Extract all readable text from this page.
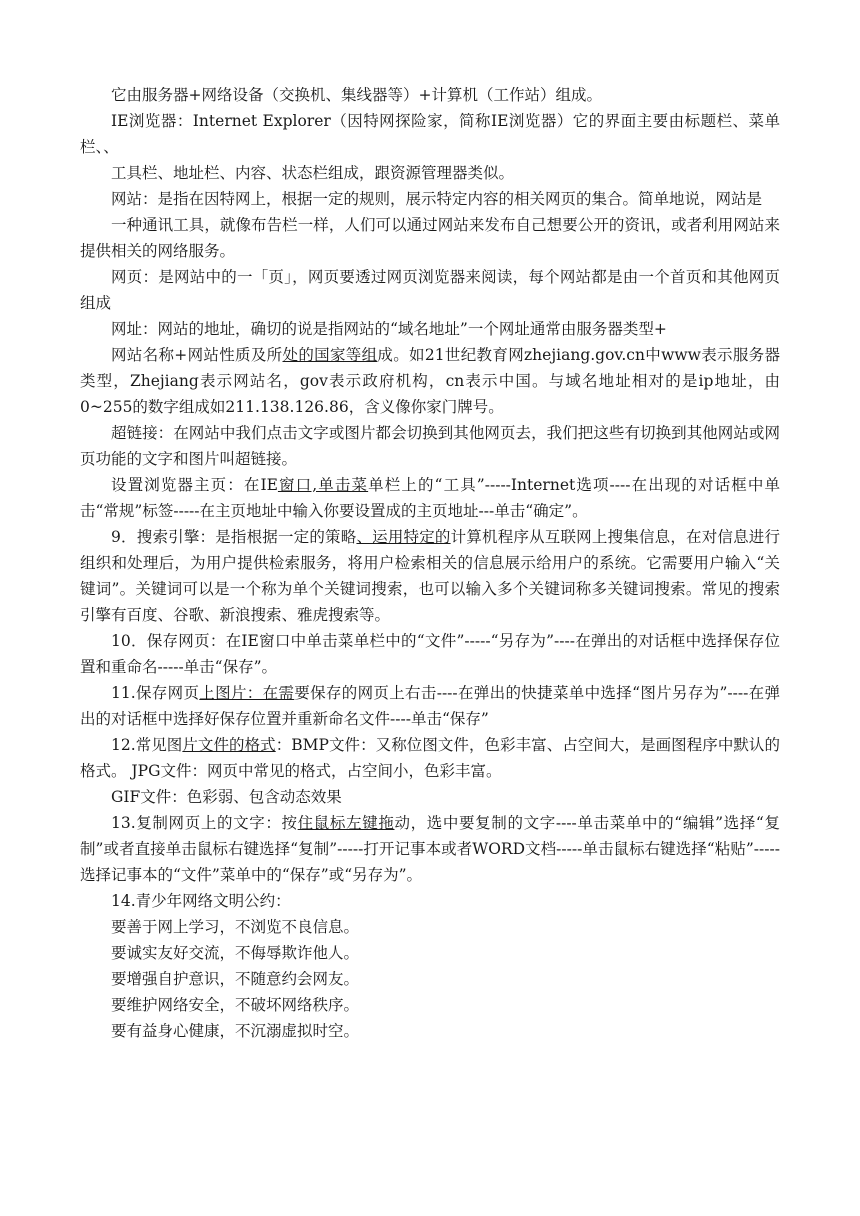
它由服务器+网络设备（交换机、集线器等）+计算机（工作站）组成。

IE浏览器：Internet Explorer（因特网探险家，简称IE浏览器）它的界面主要由标题栏、菜单栏、、

工具栏、地址栏、内容、状态栏组成，跟资源管理器类似。

网站：是指在因特网上，根据一定的规则，展示特定内容的相关网页的集合。简单地说，网站是

一种通讯工具，就像布告栏一样，人们可以通过网站来发布自己想要公开的资讯，或者利用网站来提供相关的网络服务。

网页：是网站中的一「页」，网页要透过网页浏览器来阅读，每个网站都是由一个首页和其他网页组成

网址：网站的地址，确切的说是指网站的“域名地址”一个网址通常由服务器类型+

网站名称+网站性质及所处的国家等组成。如21世纪教育网zhejiang.gov.cn中www表示服务器类型，Zhejiang表示网站名，gov表示政府机构，cn表示中国。与域名地址相对的是ip地址，由0~255的数字组成如211.138.126.86，含义像你家门牌号。

超链接：在网站中我们点击文字或图片都会切换到其他网页去，我们把这些有切换到其他网站或网页功能的文字和图片叫超链接。

设置浏览器主页：在IE窗口,单击菜单栏上的“工具”-----Internet选项----在出现的对话框中单击“常规”标签-----在主页地址中输入你要设置成的主页地址---单击“确定”。

9．搜索引擎：是指根据一定的策略、运用特定的计算机程序从互联网上搜集信息，在对信息进行组织和处理后，为用户提供检索服务，将用户检索相关的信息展示给用户的系统。它需要用户输入“关键词”。关键词可以是一个称为单个关键词搜索，也可以输入多个关键词称多关键词搜索。常见的搜索引擎有百度、谷歌、新浪搜索、雅虎搜索等。

10．保存网页：在IE窗口中单击菜单栏中的“文件”-----“另存为”----在弹出的对话框中选择保存位置和重命名-----单击“保存”。

11.保存网页上图片：在需要保存的网页上右击----在弹出的快捷菜单中选择“图片另存为”----在弹出的对话框中选择好保存位置并重新命名文件----单击“保存”

12.常见图片文件的格式：BMP文件：又称位图文件，色彩丰富、占空间大，是画图程序中默认的格式。 JPG文件：网页中常见的格式，占空间小，色彩丰富。

GIF文件：色彩弱、包含动态效果

13.复制网页上的文字：按住鼠标左键拖动，选中要复制的文字----单击菜单中的“编辑”选择“复制”或者直接单击鼠标右键选择“复制”-----打开记事本或者WORD文档-----单击鼠标右键选择“粘贴”-----选择记事本的“文件”菜单中的“保存”或“另存为”。

14.青少年网络文明公约：

要善于网上学习，不浏览不良信息。

要诚实友好交流，不侮辱欺诈他人。

要增强自护意识，不随意约会网友。

要维护网络安全，不破坏网络秩序。

要有益身心健康，不沉溺虚拟时空。
